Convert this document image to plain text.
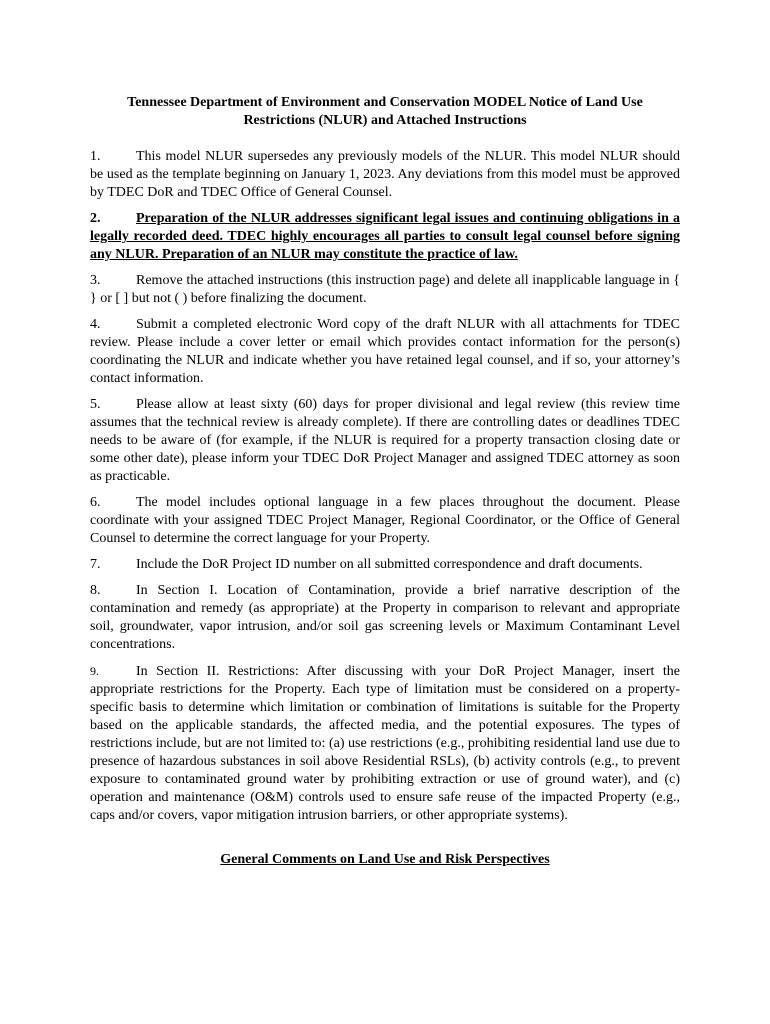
Tennessee Department of Environment and Conservation MODEL Notice of Land Use Restrictions (NLUR) and Attached Instructions
1.	This model NLUR supersedes any previously models of the NLUR. This model NLUR should be used as the template beginning on January 1, 2023. Any deviations from this model must be approved by TDEC DoR and TDEC Office of General Counsel.
2.	Preparation of the NLUR addresses significant legal issues and continuing obligations in a legally recorded deed. TDEC highly encourages all parties to consult legal counsel before signing any NLUR. Preparation of an NLUR may constitute the practice of law.
3.	Remove the attached instructions (this instruction page) and delete all inapplicable language in { } or [ ] but not ( ) before finalizing the document.
4.	Submit a completed electronic Word copy of the draft NLUR with all attachments for TDEC review. Please include a cover letter or email which provides contact information for the person(s) coordinating the NLUR and indicate whether you have retained legal counsel, and if so, your attorney’s contact information.
5.	Please allow at least sixty (60) days for proper divisional and legal review (this review time assumes that the technical review is already complete). If there are controlling dates or deadlines TDEC needs to be aware of (for example, if the NLUR is required for a property transaction closing date or some other date), please inform your TDEC DoR Project Manager and assigned TDEC attorney as soon as practicable.
6.	The model includes optional language in a few places throughout the document. Please coordinate with your assigned TDEC Project Manager, Regional Coordinator, or the Office of General Counsel to determine the correct language for your Property.
7.	Include the DoR Project ID number on all submitted correspondence and draft documents.
8.	In Section I. Location of Contamination, provide a brief narrative description of the contamination and remedy (as appropriate) at the Property in comparison to relevant and appropriate soil, groundwater, vapor intrusion, and/or soil gas screening levels or Maximum Contaminant Level concentrations.
9.	In Section II. Restrictions: After discussing with your DoR Project Manager, insert the appropriate restrictions for the Property. Each type of limitation must be considered on a property-specific basis to determine which limitation or combination of limitations is suitable for the Property based on the applicable standards, the affected media, and the potential exposures. The types of restrictions include, but are not limited to: (a) use restrictions (e.g., prohibiting residential land use due to presence of hazardous substances in soil above Residential RSLs), (b) activity controls (e.g., to prevent exposure to contaminated ground water by prohibiting extraction or use of ground water), and (c) operation and maintenance (O&M) controls used to ensure safe reuse of the impacted Property (e.g., caps and/or covers, vapor mitigation intrusion barriers, or other appropriate systems).
General Comments on Land Use and Risk Perspectives
